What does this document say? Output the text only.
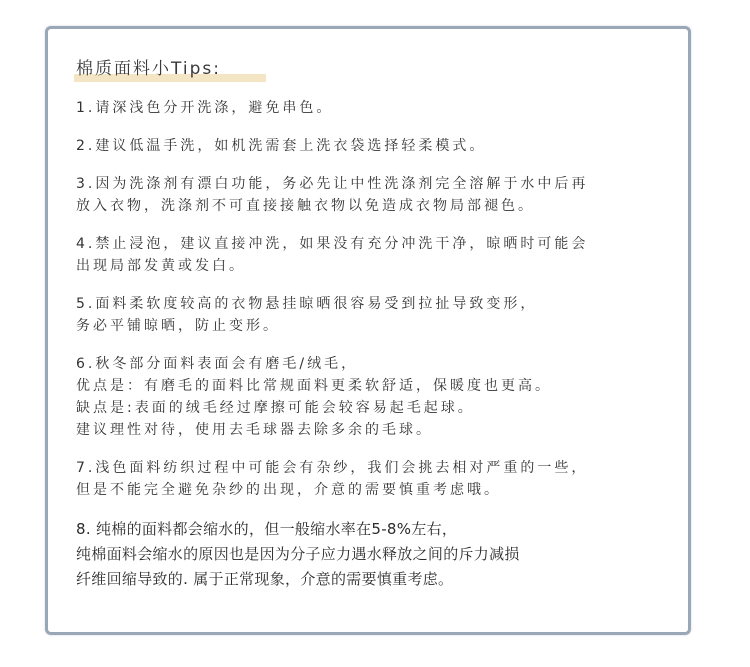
棉质面料小Tips:
1.请深浅色分开洗涤，避免串色。
2.建议低温手洗，如机洗需套上洗衣袋选择轻柔模式。
3.因为洗涤剂有漂白功能，务必先让中性洗涤剂完全溶解于水中后再
放入衣物，洗涤剂不可直接接触衣物以免造成衣物局部褪色。
4.禁止浸泡，建议直接冲洗，如果没有充分冲洗干净，晾晒时可能会
出现局部发黄或发白。
5.面料柔软度较高的衣物悬挂晾晒很容易受到拉扯导致变形，
务必平铺晾晒，防止变形。
6.秋冬部分面料表面会有磨毛/绒毛，
优点是：有磨毛的面料比常规面料更柔软舒适，保暖度也更高。
缺点是:表面的绒毛经过摩擦可能会较容易起毛起球。
建议理性对待，使用去毛球器去除多余的毛球。
7.浅色面料纺织过程中可能会有杂纱，我们会挑去相对严重的一些，
但是不能完全避免杂纱的出现，介意的需要慎重考虑哦。
8. 纯棉的面料都会缩水的，但一般缩水率在5-8%左右，
纯棉面料会缩水的原因也是因为分子应力遇水释放之间的斥力减损
纤维回缩导致的. 属于正常现象，介意的需要慎重考虑。
